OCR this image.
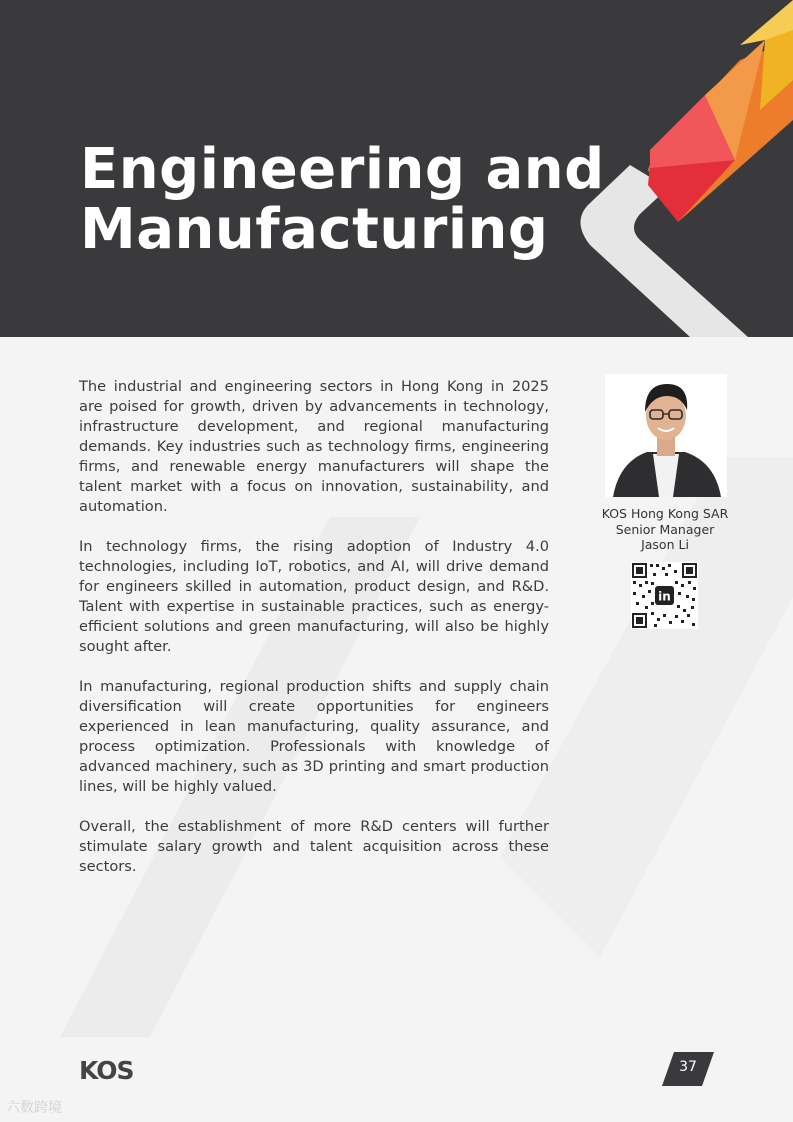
Engineering and
Manufacturing

The industrial and engineering sectors in Hong Kong in 2025 are poised for growth, driven by advancements in technology, infrastructure development, and regional manufacturing demands. Key industries such as technology firms, engineering firms, and renewable energy manufacturers will shape the talent market with a focus on innovation, sustainability, and automation.

In technology firms, the rising adoption of Industry 4.0 technologies, including IoT, robotics, and AI, will drive demand for engineers skilled in automation, product design, and R&D. Talent with expertise in sustainable practices, such as energy-efficient solutions and green manufacturing, will also be highly sought after.

In manufacturing, regional production shifts and supply chain diversification will create opportunities for engineers experienced in lean manufacturing, quality assurance, and process optimization. Professionals with knowledge of advanced machinery, such as 3D printing and smart production lines, will be highly valued.

Overall, the establishment of more R&D centers will further stimulate salary growth and talent acquisition across these sectors.

KOS Hong Kong SAR
Senior Manager
Jason Li
in
KOS	37
六数跨境
